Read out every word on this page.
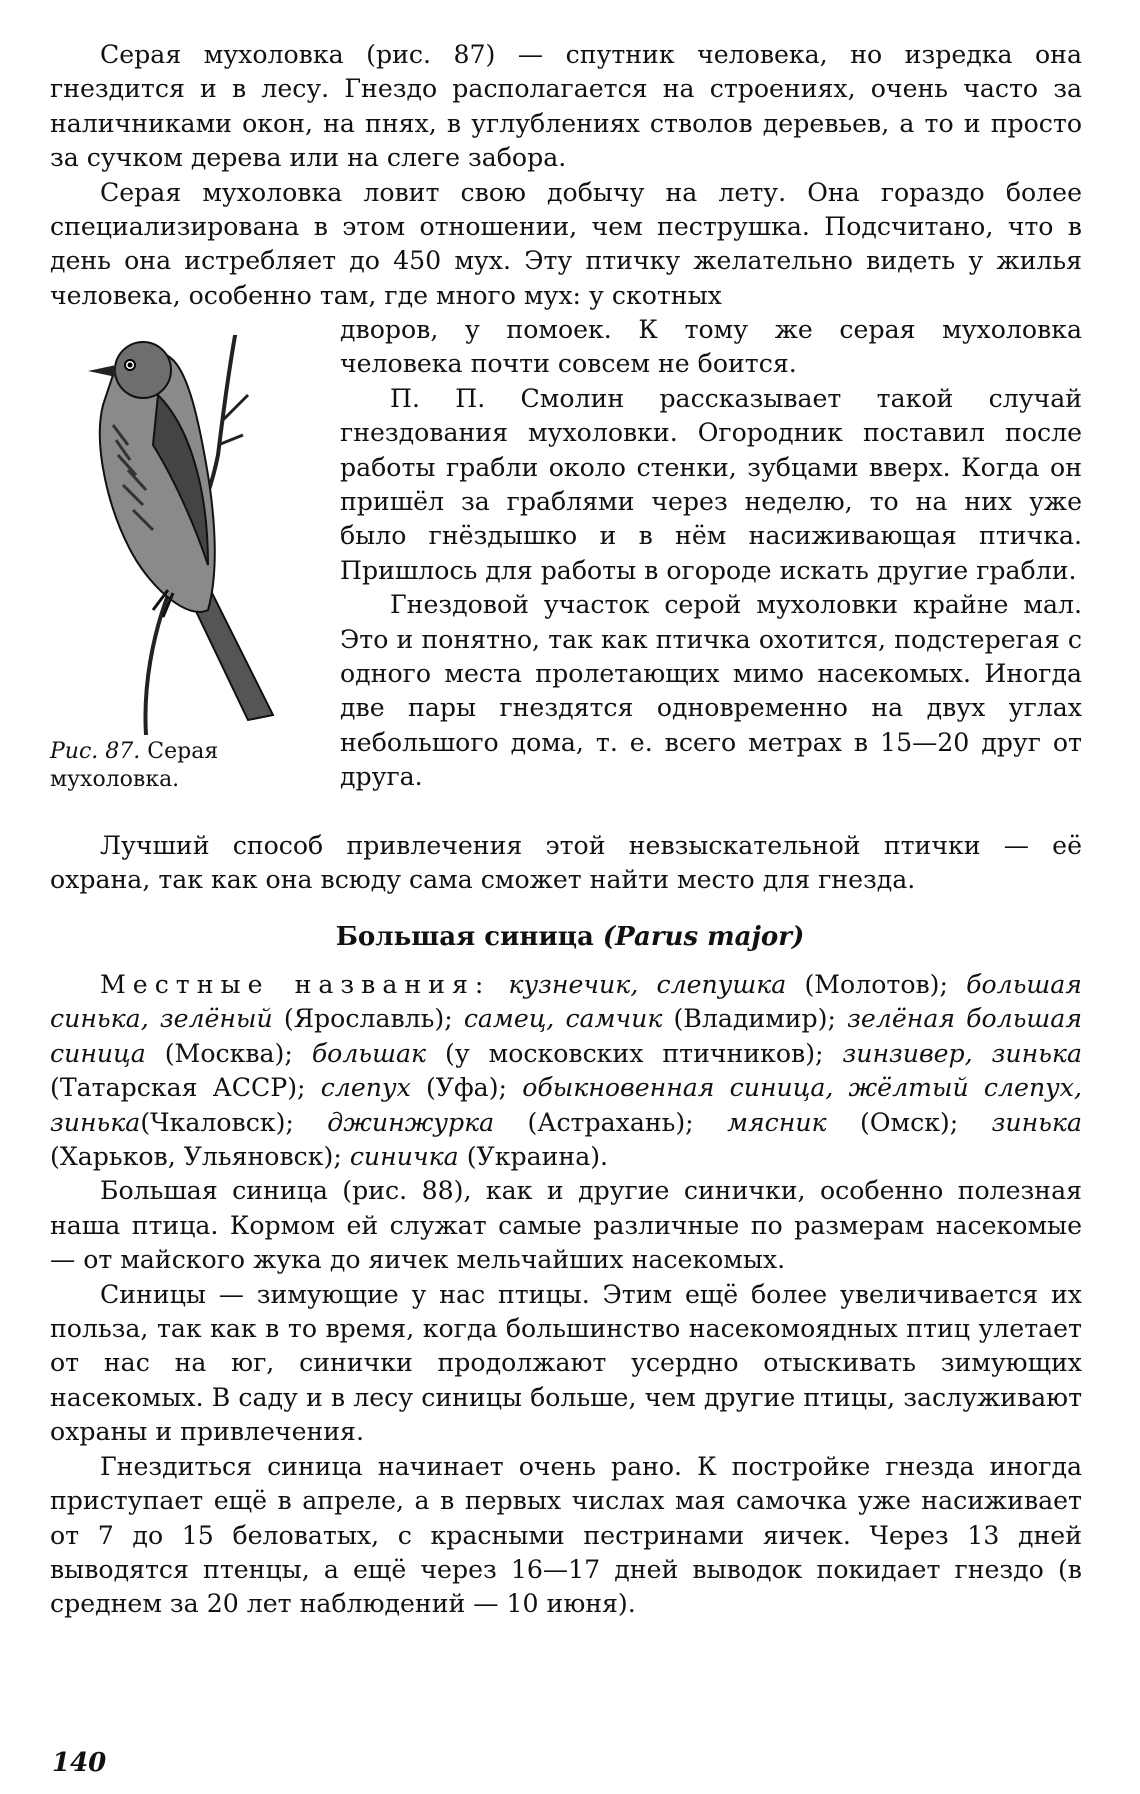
Серая мухоловка (рис. 87) — спутник человека, но изредка она гнездится и в лесу. Гнездо располагается на строениях, очень часто за наличниками окон, на пнях, в углублениях стволов деревьев, а то и просто за сучком дерева или на слеге забора.

Серая мухоловка ловит свою добычу на лету. Она гораздо более специализирована в этом отношении, чем пеструшка. Подсчитано, что в день она истребляет до 450 мух. Эту птичку желательно видеть у жилья человека, особенно там, где много мух: у скотных

Рис. 87. Серая мухоловка.

дворов, у помоек. К тому же серая мухоловка человека почти совсем не боится.

П. П. Смолин рассказывает такой случай гнездования мухоловки. Огородник поставил после работы грабли около стенки, зубцами вверх. Когда он пришёл за граблями через неделю, то на них уже было гнёздышко и в нём насиживающая птичка. Пришлось для работы в огороде искать другие грабли.

Гнездовой участок серой мухоловки крайне мал. Это и понятно, так как птичка охотится, подстерегая с одного места пролетающих мимо насекомых. Иногда две пары гнездятся одновременно на двух углах небольшого дома, т. е. всего метрах в 15—20 друг от друга.

Лучший способ привлечения этой невзыскательной птички — её охрана, так как она всюду сама сможет найти место для гнезда.

Большая синица (Parus major)

Местные названия: кузнечик, слепушка (Молотов); большая синька, зелёный (Ярославль); самец, самчик (Владимир); зелёная большая синица (Москва); большак (у московских птичников); зинзивер, зинька (Татарская АССР); слепух (Уфа); обыкновенная синица, жёлтый слепух, зинька(Чкаловск); джинжурка (Астрахань); мясник (Омск); зинька (Харьков, Ульяновск); синичка (Украина).

Большая синица (рис. 88), как и другие синички, особенно полезная наша птица. Кормом ей служат самые различные по размерам насекомые — от майского жука до яичек мельчайших насекомых.

Синицы — зимующие у нас птицы. Этим ещё более увеличивается их польза, так как в то время, когда большинство насекомоядных птиц улетает от нас на юг, синички продолжают усердно отыскивать зимующих насекомых. В саду и в лесу синицы больше, чем другие птицы, заслуживают охраны и привлечения.

Гнездиться синица начинает очень рано. К постройке гнезда иногда приступает ещё в апреле, а в первых числах мая самочка уже насиживает от 7 до 15 беловатых, с красными пестринами яичек. Через 13 дней выводятся птенцы, а ещё через 16—17 дней выводок покидает гнездо (в среднем за 20 лет наблюдений — 10 июня).

140
